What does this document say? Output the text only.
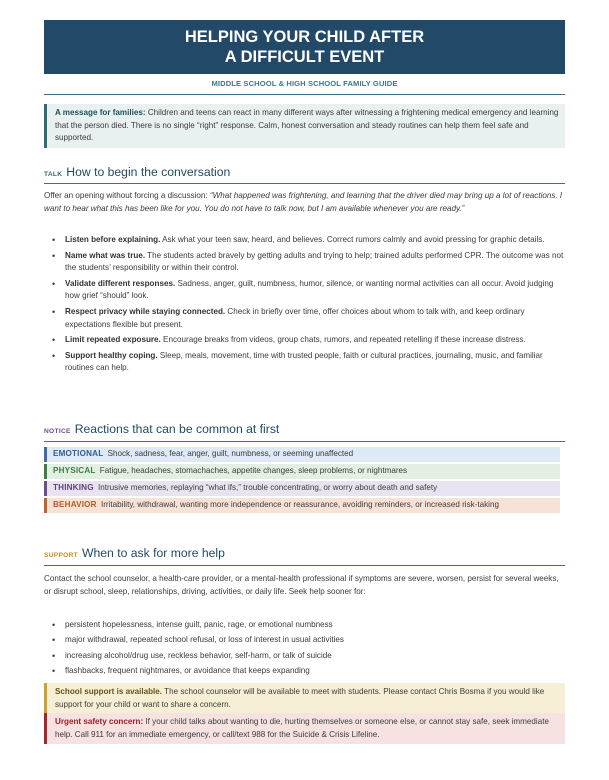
HELPING YOUR CHILD AFTER
A DIFFICULT EVENT
MIDDLE SCHOOL & HIGH SCHOOL FAMILY GUIDE
A message for families: Children and teens can react in many different ways after witnessing a frightening medical emergency and learning that the person died. There is no single “right” response. Calm, honest conversation and steady routines can help them feel safe and supported.
TALK How to begin the conversation
Offer an opening without forcing a discussion: “What happened was frightening, and learning that the driver died may bring up a lot of reactions. I want to hear what this has been like for you. You do not have to talk now, but I am available whenever you are ready.”
• Listen before explaining. Ask what your teen saw, heard, and believes. Correct rumors calmly and avoid pressing for graphic details.
• Name what was true. The students acted bravely by getting adults and trying to help; trained adults performed CPR. The outcome was not the students’ responsibility or within their control.
• Validate different responses. Sadness, anger, guilt, numbness, humor, silence, or wanting normal activities can all occur. Avoid judging how grief “should” look.
• Respect privacy while staying connected. Check in briefly over time, offer choices about whom to talk with, and keep ordinary expectations flexible but present.
• Limit repeated exposure. Encourage breaks from videos, group chats, rumors, and repeated retelling if these increase distress.
• Support healthy coping. Sleep, meals, movement, time with trusted people, faith or cultural practices, journaling, music, and familiar routines can help.
NOTICE Reactions that can be common at first
EMOTIONAL Shock, sadness, fear, anger, guilt, numbness, or seeming unaffected
PHYSICAL Fatigue, headaches, stomachaches, appetite changes, sleep problems, or nightmares
THINKING Intrusive memories, replaying “what ifs,” trouble concentrating, or worry about death and safety
BEHAVIOR Irritability, withdrawal, wanting more independence or reassurance, avoiding reminders, or increased risk-taking
SUPPORT When to ask for more help
Contact the school counselor, a health-care provider, or a mental-health professional if symptoms are severe, worsen, persist for several weeks, or disrupt school, sleep, relationships, driving, activities, or daily life. Seek help sooner for:
• persistent hopelessness, intense guilt, panic, rage, or emotional numbness
• major withdrawal, repeated school refusal, or loss of interest in usual activities
• increasing alcohol/drug use, reckless behavior, self-harm, or talk of suicide
• flashbacks, frequent nightmares, or avoidance that keeps expanding
School support is available. The school counselor will be available to meet with students. Please contact Chris Bosma if you would like support for your child or want to share a concern.
Urgent safety concern: If your child talks about wanting to die, hurting themselves or someone else, or cannot stay safe, seek immediate help. Call 911 for an immediate emergency, or call/text 988 for the Suicide & Crisis Lifeline.
